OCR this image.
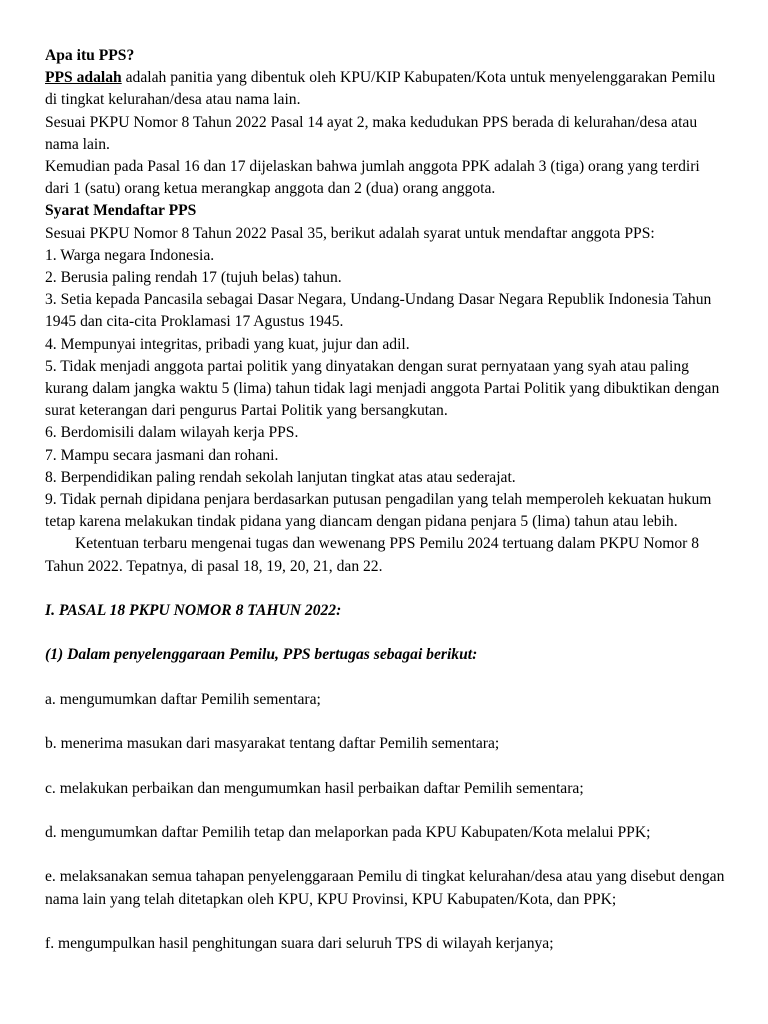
Apa itu PPS?

PPS adalah adalah panitia yang dibentuk oleh KPU/KIP Kabupaten/Kota untuk menyelenggarakan Pemilu di tingkat kelurahan/desa atau nama lain.

Sesuai PKPU Nomor 8 Tahun 2022 Pasal 14 ayat 2, maka kedudukan PPS berada di kelurahan/desa atau nama lain.

Kemudian pada Pasal 16 dan 17 dijelaskan bahwa jumlah anggota PPK adalah 3 (tiga) orang yang terdiri dari 1 (satu) orang ketua merangkap anggota dan 2 (dua) orang anggota.

Syarat Mendaftar PPS

Sesuai PKPU Nomor 8 Tahun 2022 Pasal 35, berikut adalah syarat untuk mendaftar anggota PPS:

1. Warga negara Indonesia.

2. Berusia paling rendah 17 (tujuh belas) tahun.

3. Setia kepada Pancasila sebagai Dasar Negara, Undang-Undang Dasar Negara Republik Indonesia Tahun 1945 dan cita-cita Proklamasi 17 Agustus 1945.

4. Mempunyai integritas, pribadi yang kuat, jujur dan adil.

5. Tidak menjadi anggota partai politik yang dinyatakan dengan surat pernyataan yang syah atau paling kurang dalam jangka waktu 5 (lima) tahun tidak lagi menjadi anggota Partai Politik yang dibuktikan dengan surat keterangan dari pengurus Partai Politik yang bersangkutan.

6. Berdomisili dalam wilayah kerja PPS.

7. Mampu secara jasmani dan rohani.

8. Berpendidikan paling rendah sekolah lanjutan tingkat atas atau sederajat.

9. Tidak pernah dipidana penjara berdasarkan putusan pengadilan yang telah memperoleh kekuatan hukum tetap karena melakukan tindak pidana yang diancam dengan pidana penjara 5 (lima) tahun atau lebih.

Ketentuan terbaru mengenai tugas dan wewenang PPS Pemilu 2024 tertuang dalam PKPU Nomor 8 Tahun 2022. Tepatnya, di pasal 18, 19, 20, 21, dan 22.

I. PASAL 18 PKPU NOMOR 8 TAHUN 2022:

(1) Dalam penyelenggaraan Pemilu, PPS bertugas sebagai berikut:

a. mengumumkan daftar Pemilih sementara;

b. menerima masukan dari masyarakat tentang daftar Pemilih sementara;

c. melakukan perbaikan dan mengumumkan hasil perbaikan daftar Pemilih sementara;

d. mengumumkan daftar Pemilih tetap dan melaporkan pada KPU Kabupaten/Kota melalui PPK;

e. melaksanakan semua tahapan penyelenggaraan Pemilu di tingkat kelurahan/desa atau yang disebut dengan nama lain yang telah ditetapkan oleh KPU, KPU Provinsi, KPU Kabupaten/Kota, dan PPK;

f. mengumpulkan hasil penghitungan suara dari seluruh TPS di wilayah kerjanya;
